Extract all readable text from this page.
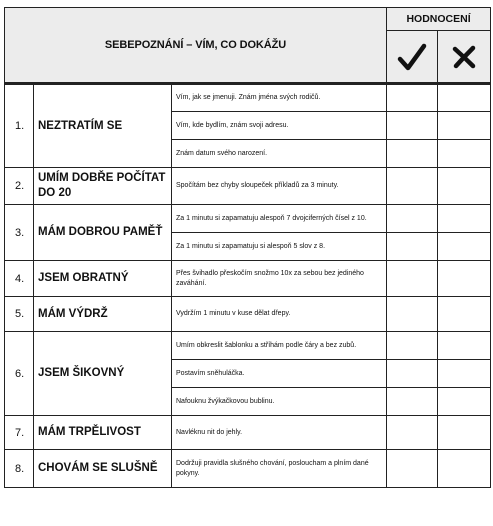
SEBEPOZNÁNÍ – VÍM, CO DOKÁŽU			HODNOCENÍ	

1.	NEZTRATÍM SE	Vím, jak se jmenuji. Znám jména svých rodičů.		
		Vím, kde bydlím, znám svoji adresu.		
		Znám datum svého narození.		
2.	UMÍM DOBŘE POČÍTAT DO 20	Spočítám bez chyby sloupeček příkladů za 3 minuty.		
3.	MÁM DOBROU PAMĚŤ	Za 1 minutu si zapamatuju alespoň 7 dvojciferných čísel z 10.		
		Za 1 minutu si zapamatuju si alespoň 5 slov z 8.		
4.	JSEM OBRATNÝ	Přes švihadlo přeskočím snožmo 10x za sebou bez jediného zaváhání.		
5.	MÁM VÝDRŽ	Vydržím 1 minutu v kuse dělat dřepy.		
6.	JSEM ŠIKOVNÝ	Umím obkreslit šablonku a stříhám podle čáry a bez zubů.		
		Postavím sněhuláčka.		
		Nafouknu žvýkačkovou bublinu.		
7.	MÁM TRPĚLIVOST	Navléknu nit do jehly.		
8.	CHOVÁM SE SLUŠNĚ	Dodržuji pravidla slušného chování, posloucham a plním dané pokyny.		
